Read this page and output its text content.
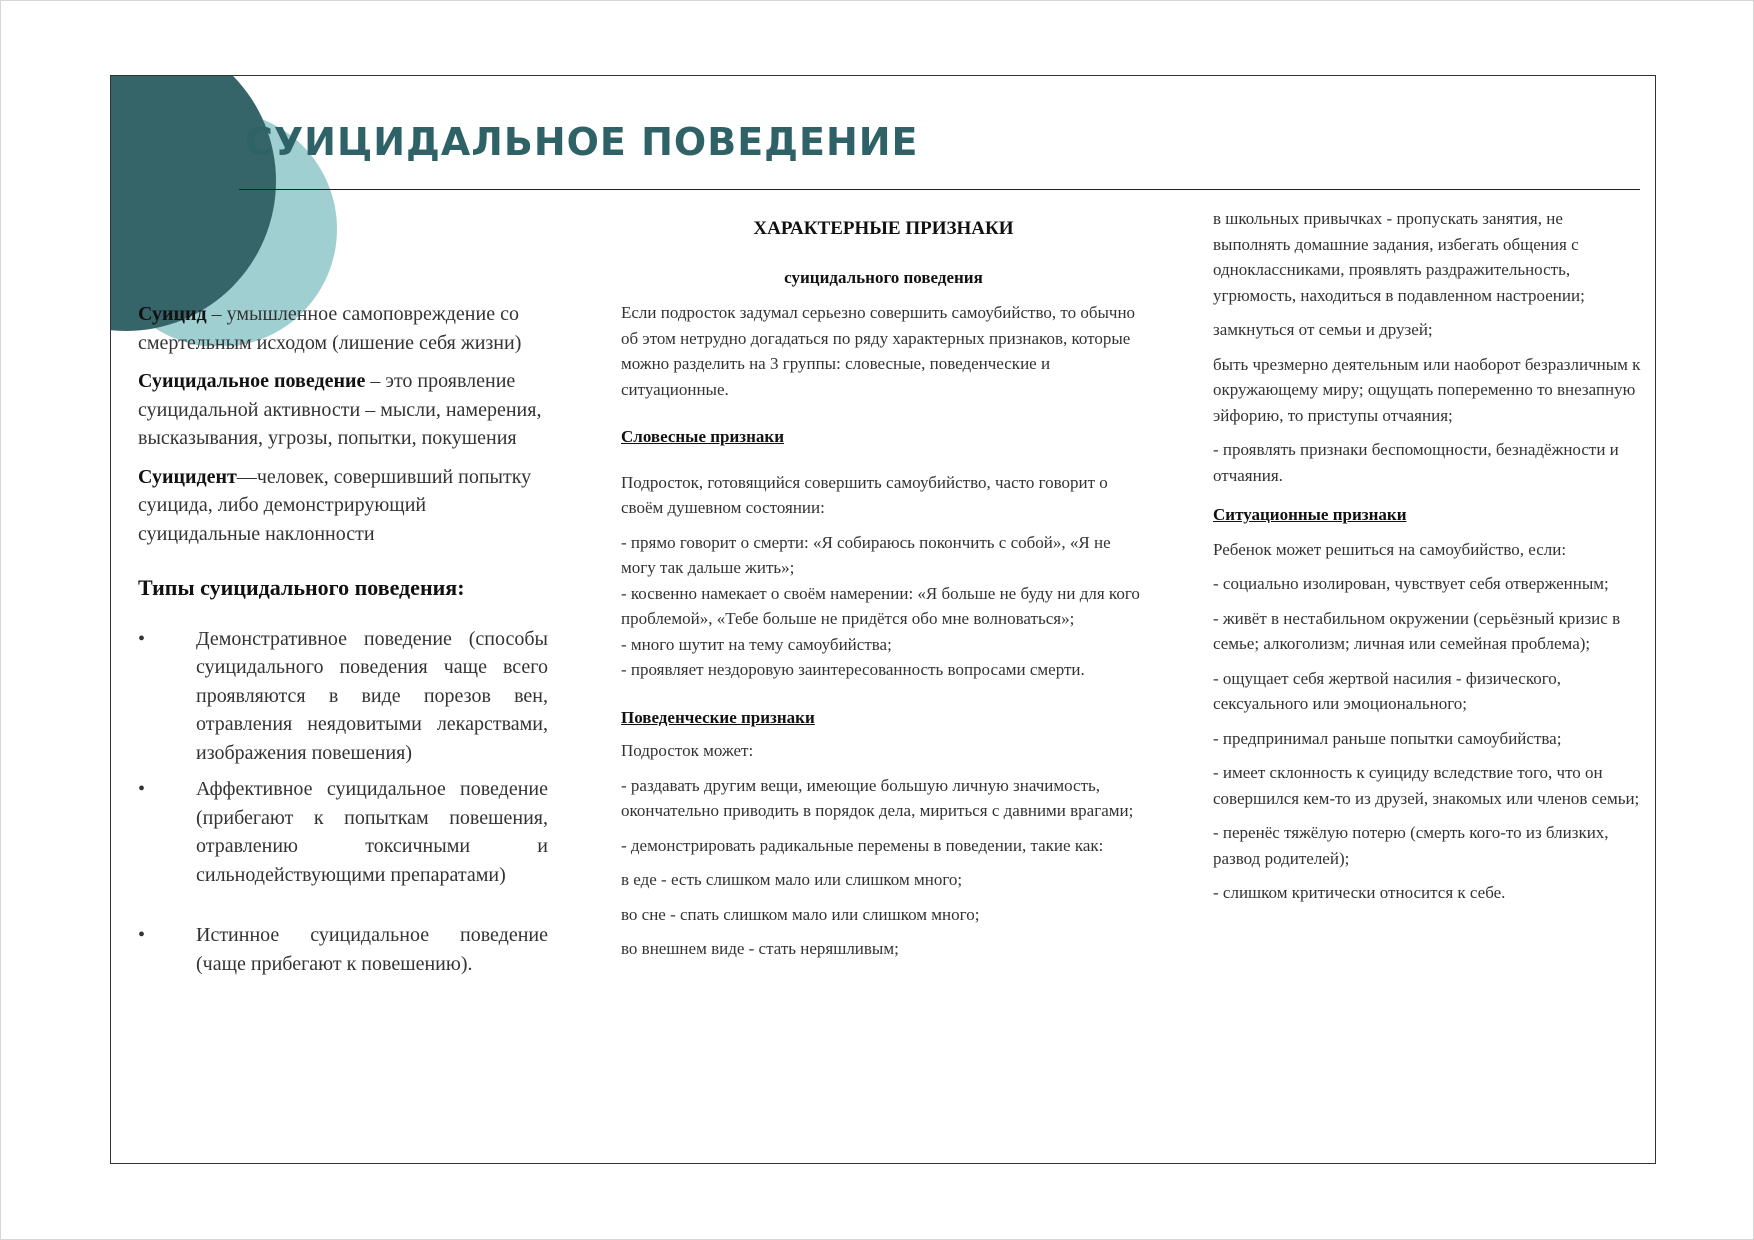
СУИЦИДАЛЬНОЕ ПОВЕДЕНИЕ

Суицид – умышленное самоповреждение со смертельным исходом (лишение себя жизни)

Суицидальное поведение – это проявление суицидальной активности – мысли, намерения, высказывания, угрозы, попытки, покушения

Суицидент—человек, совершивший попытку суицида, либо демонстрирующий суицидальные наклонности

Типы суицидального поведения:

•	Демонстративное поведение (способы суицидального поведения чаще всего проявляются в виде порезов вен, отравления неядовитыми лекарствами, изображения повешения)

•	Аффективное суицидальное поведение (прибегают к попыткам повешения, отравлению токсичными и сильнодействующими препаратами)

•	Истинное суицидальное поведение (чаще прибегают к повешению).

ХАРАКТЕРНЫЕ ПРИЗНАКИ

суицидального поведения

Если подросток задумал серьезно совершить самоубийство, то обычно об этом нетрудно догадаться по ряду характерных признаков, которые можно разделить на 3 группы: словесные, поведенческие и ситуационные.

Словесные признаки

Подросток, готовящийся совершить самоубийство, часто говорит о своём душевном состоянии:

- прямо говорит о смерти: «Я собираюсь покончить с собой», «Я не могу так дальше жить»;

- косвенно намекает о своём намерении: «Я больше не буду ни для кого проблемой», «Тебе больше не придётся обо мне волноваться»;

- много шутит на тему самоубийства;

- проявляет нездоровую заинтересованность вопросами смерти.

Поведенческие признаки

Подросток может:

- раздавать другим вещи, имеющие большую личную значимость, окончательно приводить в порядок дела, мириться с давними врагами;

- демонстрировать радикальные перемены в поведении, такие как:

в еде - есть слишком мало или слишком много;

во сне - спать слишком мало или слишком много;

во внешнем виде - стать неряшливым;

в школьных привычках - пропускать занятия, не выполнять домашние задания, избегать общения с одноклассниками, проявлять раздражительность, угрюмость, находиться в подавленном настроении;

замкнуться от семьи и друзей;

быть чрезмерно деятельным или наоборот безразличным к окружающему миру; ощущать попеременно то внезапную эйфорию, то приступы отчаяния;

- проявлять признаки беспомощности, безнадёжности и отчаяния.

Ситуационные признаки

Ребенок может решиться на самоубийство, если:

- социально изолирован, чувствует себя отверженным;

- живёт в нестабильном окружении (серьёзный кризис в семье; алкоголизм; личная или семейная проблема);

- ощущает себя жертвой насилия - физического, сексуального или эмоционального;

- предпринимал раньше попытки самоубийства;

- имеет склонность к суициду вследствие того, что он совершился кем-то из друзей, знакомых или членов семьи;

- перенёс тяжёлую потерю (смерть кого-то из близких, развод родителей);

- слишком критически относится к себе.
